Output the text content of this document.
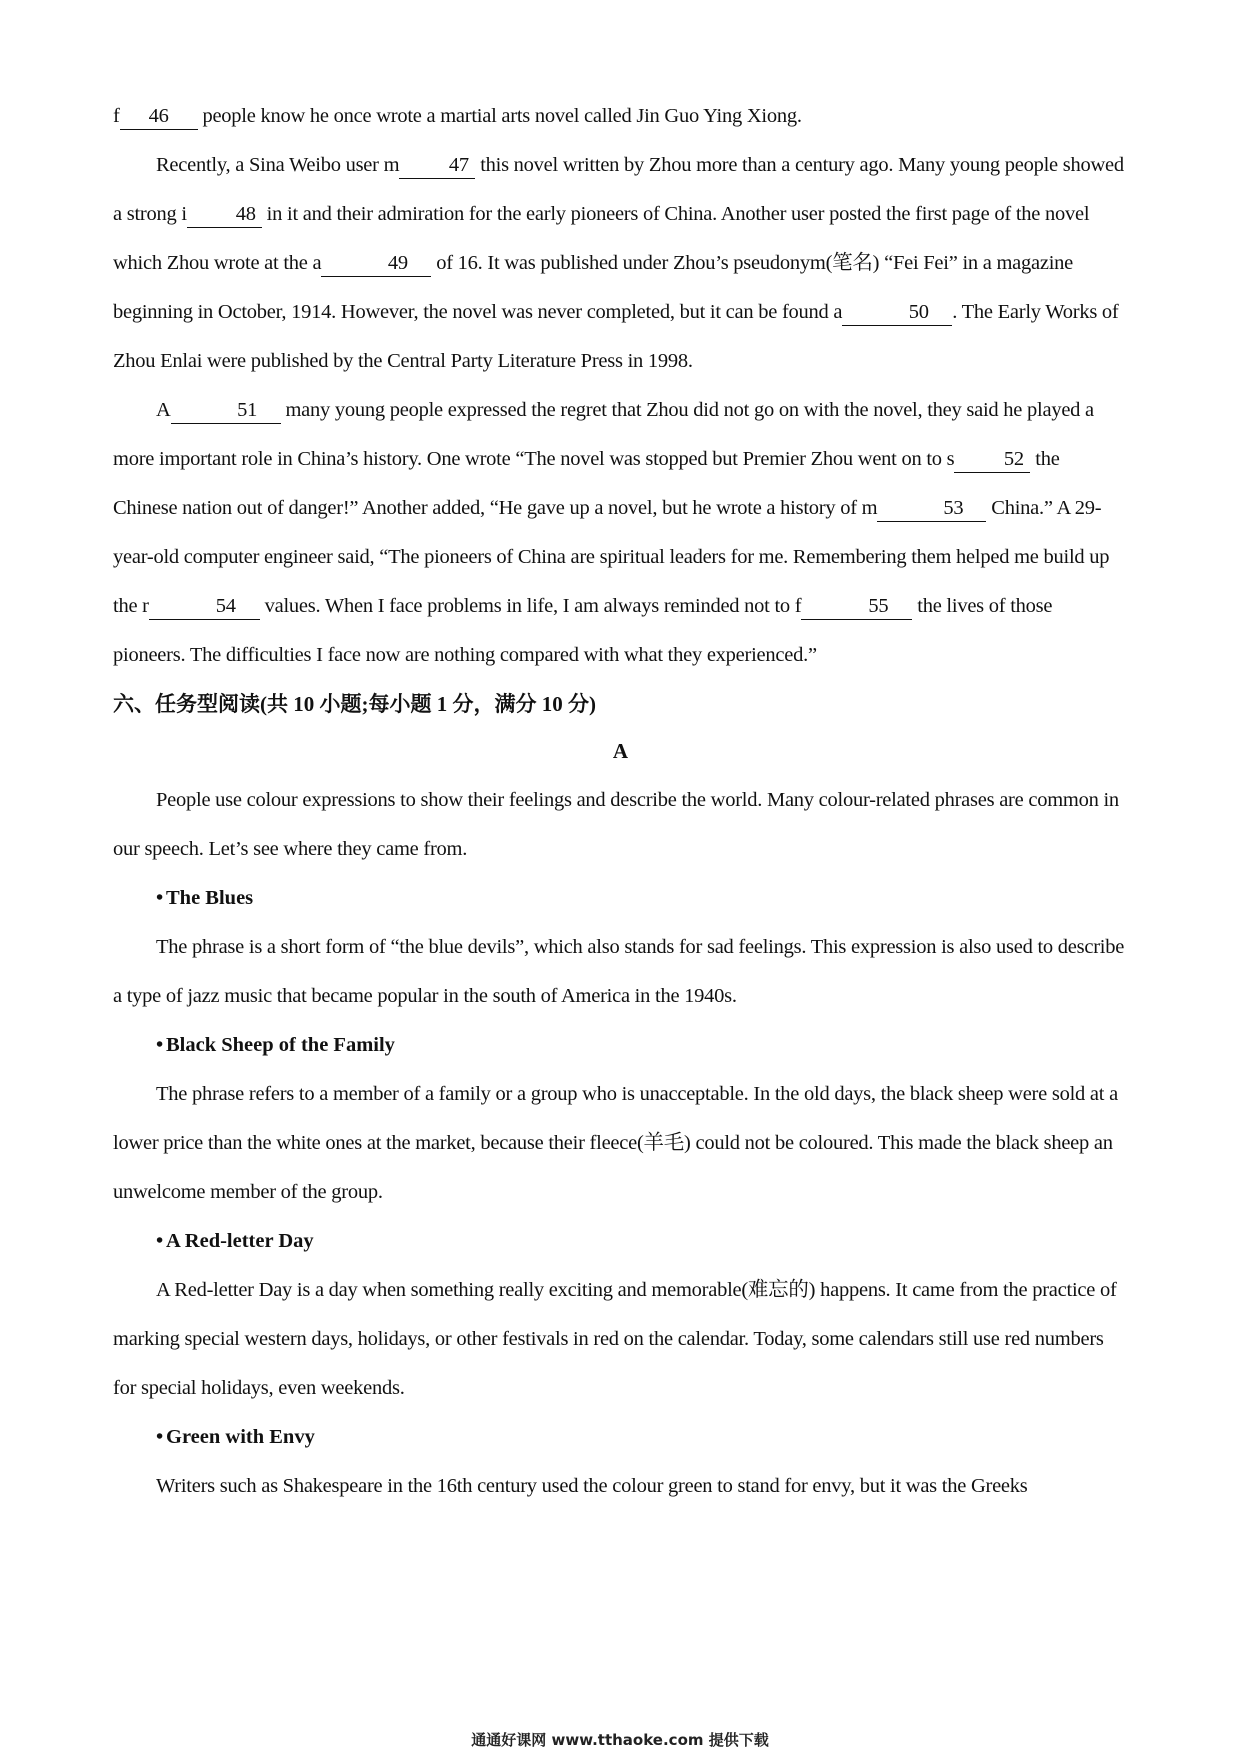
f 46 people know he once wrote a martial arts novel called Jin Guo Ying Xiong.

Recently, a Sina Weibo user m 47 this novel written by Zhou more than a century ago. Many young people showed a strong i 48 in it and their admiration for the early pioneers of China. Another user posted the first page of the novel which Zhou wrote at the a	49 of 16. It was published under Zhou’s pseudonym(笔名) “Fei Fei” in a magazine beginning in October, 1914. However, the novel was never completed, but it can be found a	50 . The Early Works of Zhou Enlai were published by the Central Party Literature Press in 1998.

A	51 many young people expressed the regret that Zhou did not go on with the novel, they said he played a more important role in China’s history. One wrote “The novel was stopped but Premier Zhou went on to s 52 the Chinese nation out of danger!” Another added, “He gave up a novel, but he wrote a history of m	53 China.” A 29-year-old computer engineer said, “The pioneers of China are spiritual leaders for me. Remembering them helped me build up the r	54 values. When I face problems in life, I am always reminded not to f	55 the lives of those pioneers. The difficulties I face now are nothing compared with what they experienced.”

六、任务型阅读(共 10 小题;每小题 1 分，满分 10 分)
A

People use colour expressions to show their feelings and describe the world. Many colour-related phrases are common in our speech. Let’s see where they came from.

• The Blues

The phrase is a short form of “the blue devils”, which also stands for sad feelings. This expression is also used to describe a type of jazz music that became popular in the south of America in the 1940s.

• Black Sheep of the Family

The phrase refers to a member of a family or a group who is unacceptable. In the old days, the black sheep were sold at a lower price than the white ones at the market, because their fleece(羊毛) could not be coloured. This made the black sheep an unwelcome member of the group.

• A Red-letter Day

A Red-letter Day is a day when something really exciting and memorable(难忘的) happens. It came from the practice of marking special western days, holidays, or other festivals in red on the calendar. Today, some calendars still use red numbers for special holidays, even weekends.

• Green with Envy

Writers such as Shakespeare in the 16th century used the colour green to stand for envy, but it was the Greeks

通通好课网 www.tthaoke.com 提供下载
